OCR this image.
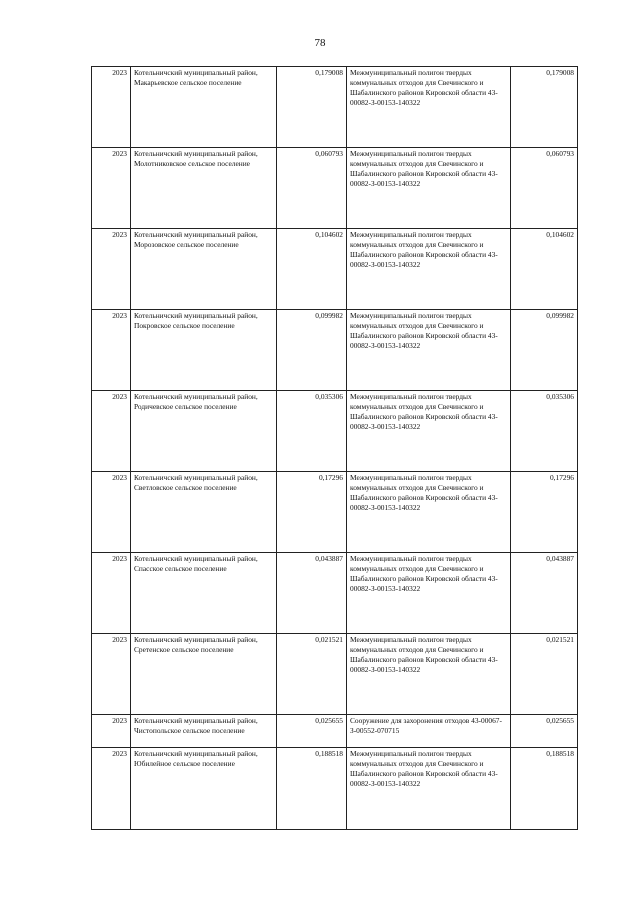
78
2023	Котельничский муниципальный район, Макарьевское сельское поселение	0,179008	Межмуниципальный полигон твердых коммунальных отходов для Свечинского и Шабалинского районов Кировской области 43-00082-З-00153-140322	0,179008
2023	Котельничский муниципальный район, Молотниковское сельское поселение	0,060793	Межмуниципальный полигон твердых коммунальных отходов для Свечинского и Шабалинского районов Кировской области 43-00082-З-00153-140322	0,060793
2023	Котельничский муниципальный район, Морозовское сельское поселение	0,104602	Межмуниципальный полигон твердых коммунальных отходов для Свечинского и Шабалинского районов Кировской области 43-00082-З-00153-140322	0,104602
2023	Котельничский муниципальный район, Покровское сельское поселение	0,099982	Межмуниципальный полигон твердых коммунальных отходов для Свечинского и Шабалинского районов Кировской области 43-00082-З-00153-140322	0,099982
2023	Котельничский муниципальный район, Родичевское сельское поселение	0,035306	Межмуниципальный полигон твердых коммунальных отходов для Свечинского и Шабалинского районов Кировской области 43-00082-З-00153-140322	0,035306
2023	Котельничский муниципальный район, Светловское сельское поселение	0,17296	Межмуниципальный полигон твердых коммунальных отходов для Свечинского и Шабалинского районов Кировской области 43-00082-З-00153-140322	0,17296
2023	Котельничский муниципальный район, Спасское сельское поселение	0,043887	Межмуниципальный полигон твердых коммунальных отходов для Свечинского и Шабалинского районов Кировской области 43-00082-З-00153-140322	0,043887
2023	Котельничский муниципальный район, Сретенское сельское поселение	0,021521	Межмуниципальный полигон твердых коммунальных отходов для Свечинского и Шабалинского районов Кировской области 43-00082-З-00153-140322	0,021521
2023	Котельничский муниципальный район, Чистопольское сельское поселение	0,025655	Сооружение для захоронения отходов 43-00067-З-00552-070715	0,025655
2023	Котельничский муниципальный район, Юбилейное сельское поселение	0,188518	Межмуниципальный полигон твердых коммунальных отходов для Свечинского и Шабалинского районов Кировской области 43-00082-З-00153-140322	0,188518
